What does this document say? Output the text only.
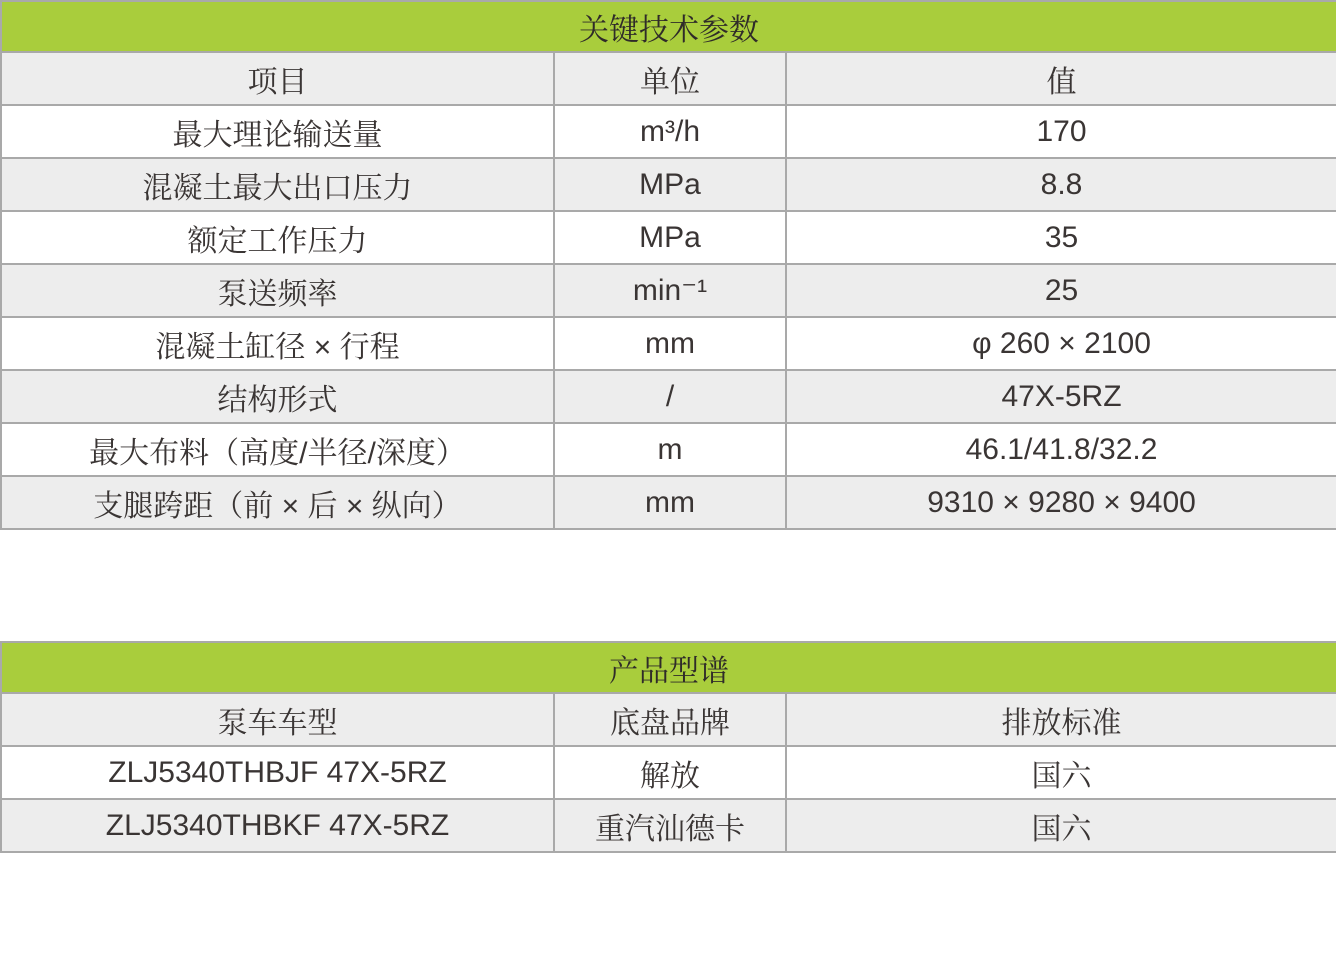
关键技术参数		
项目	单位	值
最大理论输送量	m³/h	170
混凝土最大出口压力	MPa	8.8
额定工作压力	MPa	35
泵送频率	min⁻¹	25
混凝土缸径 × 行程	mm	φ 260 × 2100
结构形式	/	47X-5RZ
最大布料（高度/半径/深度）	m	46.1/41.8/32.2
支腿跨距（前 × 后 × 纵向）	mm	9310 × 9280 × 9400
产品型谱		
泵车车型	底盘品牌	排放标准
ZLJ5340THBJF 47X-5RZ	解放	国六
ZLJ5340THBKF 47X-5RZ	重汽汕德卡	国六
